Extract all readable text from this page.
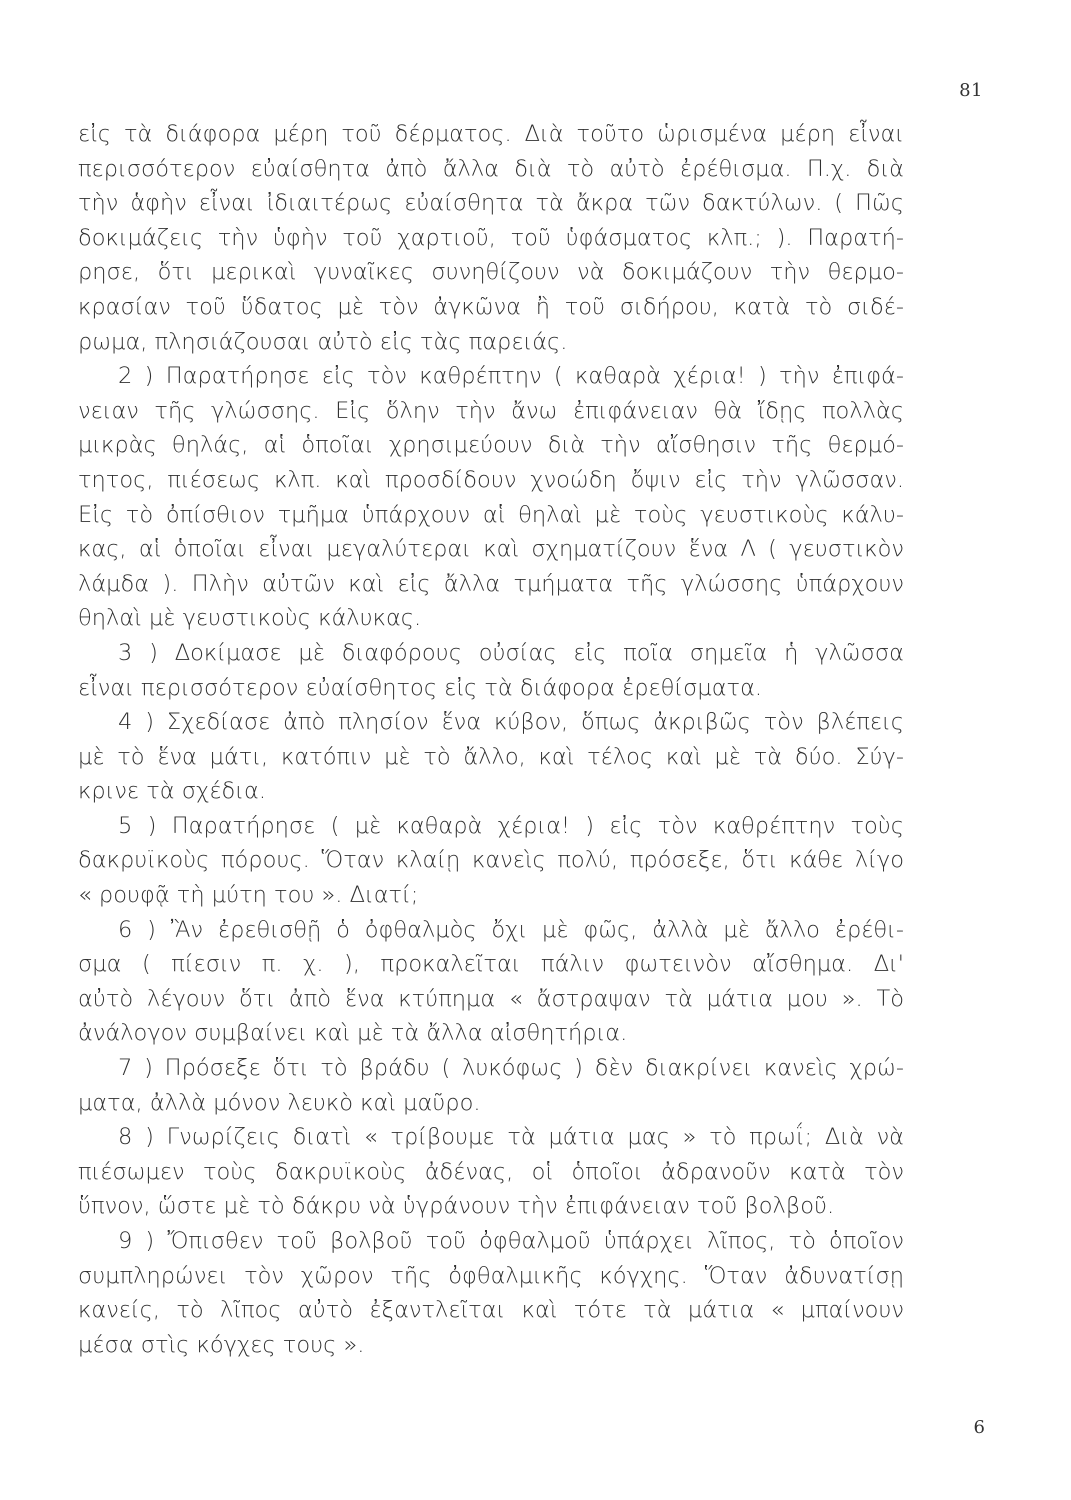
81
εἰς τὰ διάφορα μέρη τοῦ δέρματος. Διὰ τοῦτο ὡρισμένα μέρη εἶναι
περισσότερον εὐαίσθητα ἀπὸ ἄλλα διὰ τὸ αὐτὸ ἐρέθισμα. Π.χ. διὰ
τὴν ἁφὴν εἶναι ἰδιαιτέρως εὐαίσθητα τὰ ἄκρα τῶν δακτύλων. ( Πῶς
δοκιμάζεις τὴν ὑφὴν τοῦ χαρτιοῦ, τοῦ ὑφάσματος κλπ.; ). Παρατή-
ρησε, ὅτι μερικαὶ γυναῖκες συνηθίζουν νὰ δοκιμάζουν τὴν θερμο-
κρασίαν τοῦ ὕδατος μὲ τὸν ἀγκῶνα ἢ τοῦ σιδήρου, κατὰ τὸ σιδέ-
ρωμα, πλησιάζουσαι αὐτὸ εἰς τὰς παρειάς.
2 ) Παρατήρησε εἰς τὸν καθρέπτην ( καθαρὰ χέρια! ) τὴν ἐπιφά-
νειαν τῆς γλώσσης. Εἰς ὅλην τὴν ἄνω ἐπιφάνειαν θὰ ἴδῃς πολλὰς
μικρὰς θηλάς, αἱ ὁποῖαι χρησιμεύουν διὰ τὴν αἴσθησιν τῆς θερμό-
τητος, πιέσεως κλπ. καὶ προσδίδουν χνοώδη ὄψιν εἰς τὴν γλῶσσαν.
Εἰς τὸ ὀπίσθιον τμῆμα ὑπάρχουν αἱ θηλαὶ μὲ τοὺς γευστικοὺς κάλυ-
κας, αἱ ὁποῖαι εἶναι μεγαλύτεραι καὶ σχηματίζουν ἕνα Λ ( γευστικὸν
λάμδα ). Πλὴν αὐτῶν καὶ εἰς ἄλλα τμήματα τῆς γλώσσης ὑπάρχουν
θηλαὶ μὲ γευστικοὺς κάλυκας.
3 ) Δοκίμασε μὲ διαφόρους οὐσίας εἰς ποῖα σημεῖα ἡ γλῶσσα
εἶναι περισσότερον εὐαίσθητος εἰς τὰ διάφορα ἐρεθίσματα.
4 ) Σχεδίασε ἀπὸ πλησίον ἕνα κύβον, ὅπως ἀκριβῶς τὸν βλέπεις
μὲ τὸ ἕνα μάτι, κατόπιν μὲ τὸ ἄλλο, καὶ τέλος καὶ μὲ τὰ δύο. Σύγ-
κρινε τὰ σχέδια.
5 ) Παρατήρησε ( μὲ καθαρὰ χέρια! ) εἰς τὸν καθρέπτην τοὺς
δακρυϊκοὺς πόρους. Ὅταν κλαίῃ κανεὶς πολύ, πρόσεξε, ὅτι κάθε λίγο
« ρουφᾷ τὴ μύτη του ». Διατί;
6 ) Ἂν ἐρεθισθῇ ὁ ὀφθαλμὸς ὄχι μὲ φῶς, ἀλλὰ μὲ ἄλλο ἐρέθι-
σμα ( πίεσιν π. χ. ), προκαλεῖται πάλιν φωτεινὸν αἴσθημα. Δι'
αὐτὸ λέγουν ὅτι ἀπὸ ἕνα κτύπημα « ἄστραψαν τὰ μάτια μου ». Τὸ
ἀνάλογον συμβαίνει καὶ μὲ τὰ ἄλλα αἰσθητήρια.
7 ) Πρόσεξε ὅτι τὸ βράδυ ( λυκόφως ) δὲν διακρίνει κανεὶς χρώ-
ματα, ἀλλὰ μόνον λευκὸ καὶ μαῦρο.
8 ) Γνωρίζεις διατὶ « τρίβουμε τὰ μάτια μας » τὸ πρωΐ; Διὰ νὰ
πιέσωμεν τοὺς δακρυϊκοὺς ἀδένας, οἱ ὁποῖοι ἀδρανοῦν κατὰ τὸν
ὕπνον, ὥστε μὲ τὸ δάκρυ νὰ ὑγράνουν τὴν ἐπιφάνειαν τοῦ βολβοῦ.
9 ) Ὄπισθεν τοῦ βολβοῦ τοῦ ὀφθαλμοῦ ὑπάρχει λῖπος, τὸ ὁποῖον
συμπληρώνει τὸν χῶρον τῆς ὀφθαλμικῆς κόγχης. Ὅταν ἀδυνατίσῃ
κανείς, τὸ λῖπος αὐτὸ ἐξαντλεῖται καὶ τότε τὰ μάτια « μπαίνουν
μέσα στὶς κόγχες τους ».
6
